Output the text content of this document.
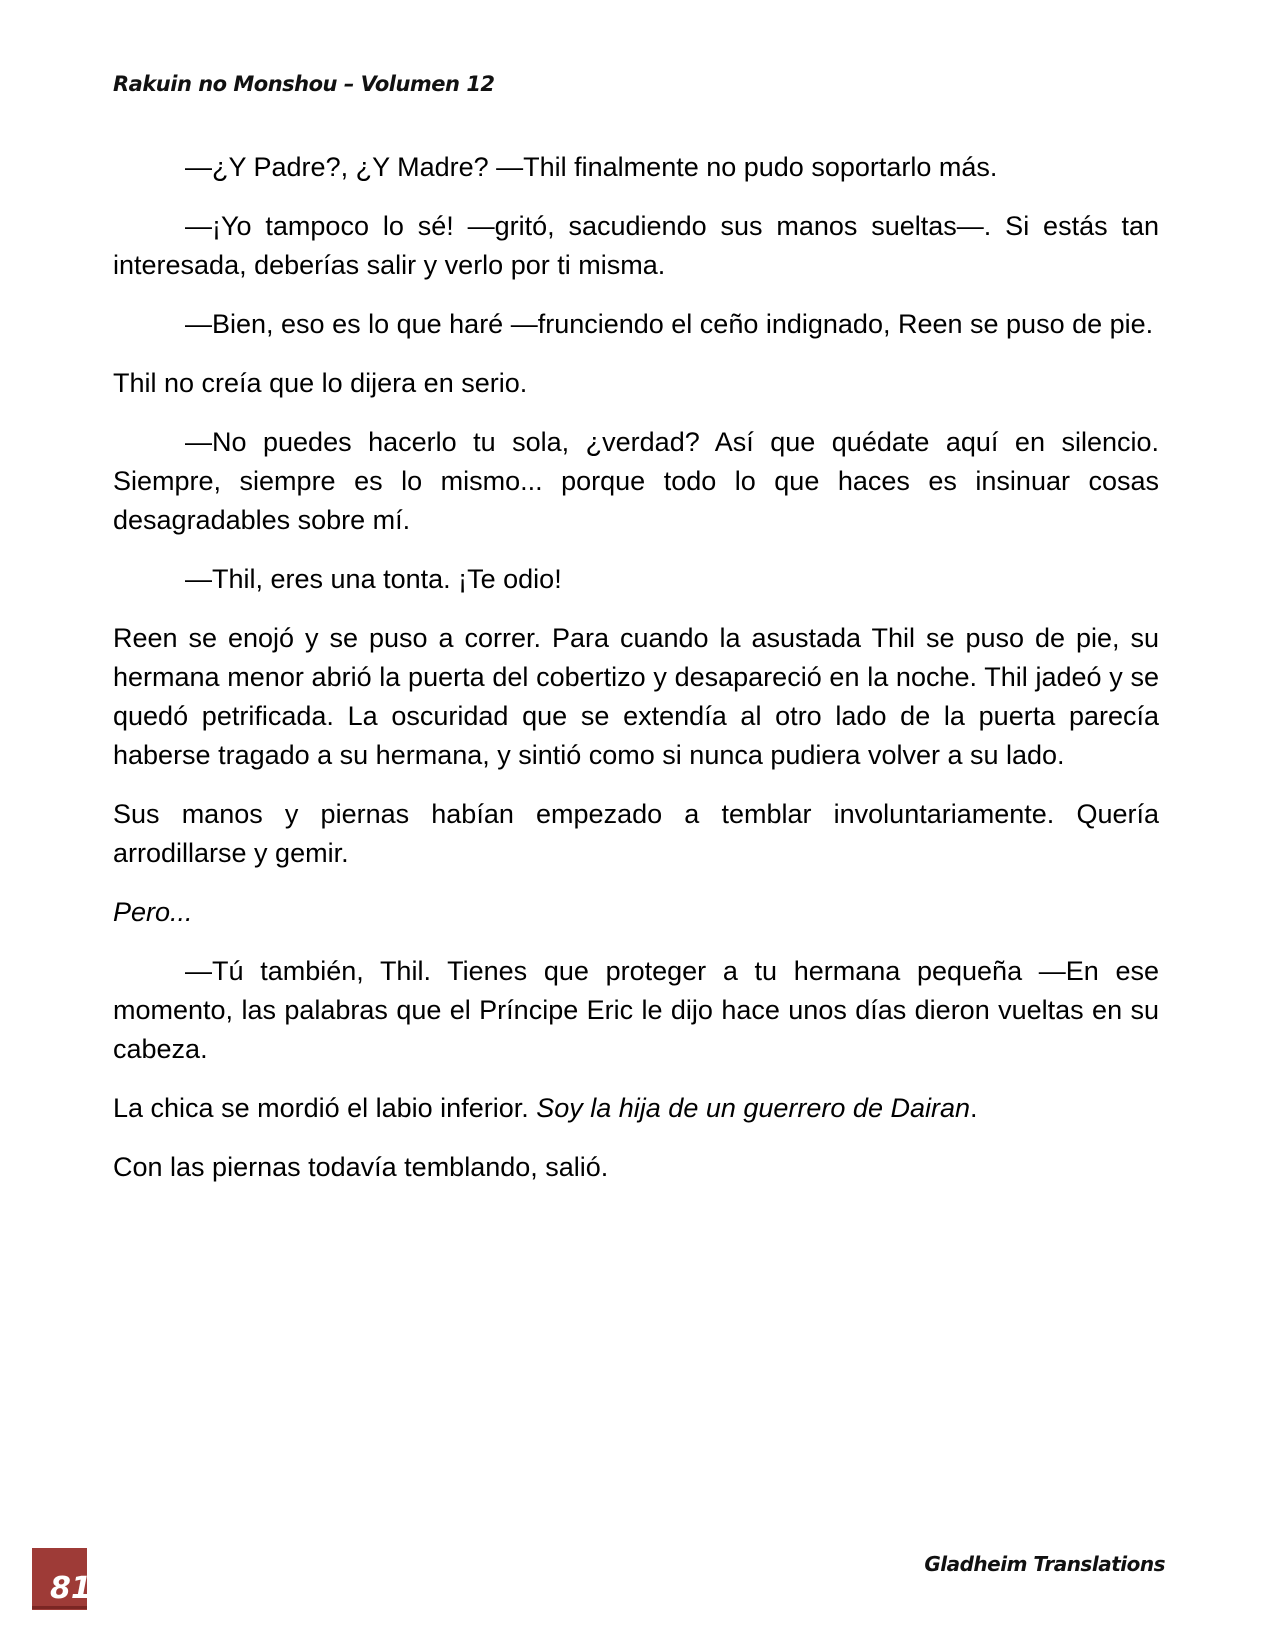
Rakuin no Monshou – Volumen 12

—¿Y Padre?, ¿Y Madre? —Thil finalmente no pudo soportarlo más.

—¡Yo tampoco lo sé! —gritó, sacudiendo sus manos sueltas—. Si estás tan interesada, deberías salir y verlo por ti misma.

—Bien, eso es lo que haré —frunciendo el ceño indignado, Reen se puso de pie.

Thil no creía que lo dijera en serio.

—No puedes hacerlo tu sola, ¿verdad? Así que quédate aquí en silencio. Siempre, siempre es lo mismo... porque todo lo que haces es insinuar cosas desagradables sobre mí.

—Thil, eres una tonta. ¡Te odio!

Reen se enojó y se puso a correr. Para cuando la asustada Thil se puso de pie, su hermana menor abrió la puerta del cobertizo y desapareció en la noche. Thil jadeó y se quedó petrificada. La oscuridad que se extendía al otro lado de la puerta parecía haberse tragado a su hermana, y sintió como si nunca pudiera volver a su lado.

Sus manos y piernas habían empezado a temblar involuntariamente. Quería arrodillarse y gemir.

Pero...

—Tú también, Thil. Tienes que proteger a tu hermana pequeña —En ese momento, las palabras que el Príncipe Eric le dijo hace unos días dieron vueltas en su cabeza.

La chica se mordió el labio inferior. Soy la hija de un guerrero de Dairan.

Con las piernas todavía temblando, salió.

81
Gladheim Translations
